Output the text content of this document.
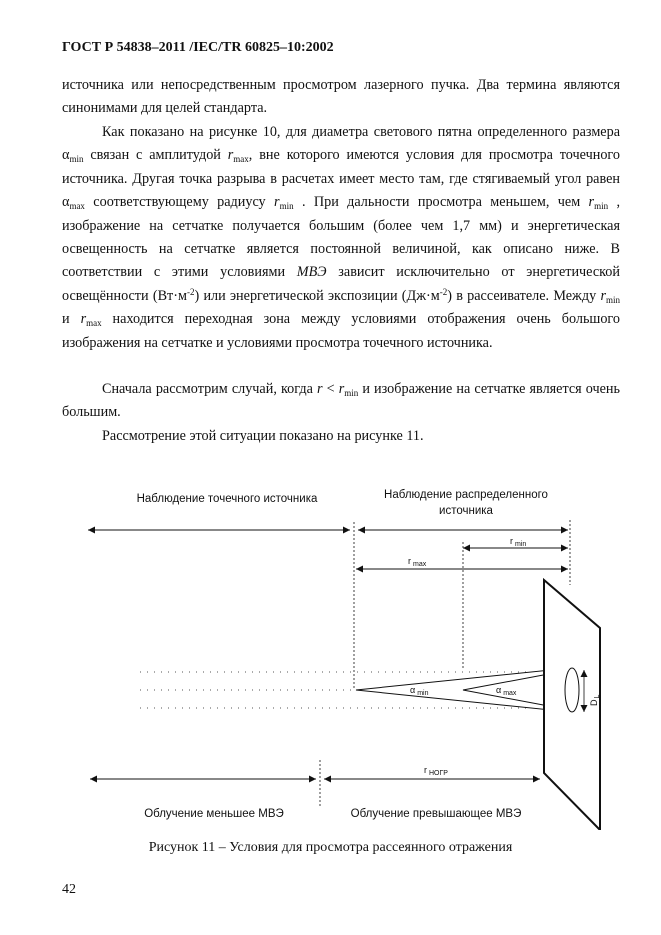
ГОСТ Р 54838–2011 /IEC/TR 60825–10:2002
источника или непосредственным просмотром лазерного пучка. Два термина являются синонимами для целей стандарта.
Как показано на рисунке 10, для диаметра светового пятна определенного размера $\alpha_{min}$ связан с амплитудой $r_{max}$, вне которого имеются условия для просмотра точечного источника. Другая точка разрыва в расчетах имеет место там, где стягиваемый угол равен $\alpha_{max}$ соответствующему радиусу $r_{min}$ . При дальности просмотра меньшем, чем $r_{min}$ , изображение на сетчатке получается большим (более чем 1,7 мм) и энергетическая освещенность на сетчатке является постоянной величиной, как описано ниже. В соответствии с этими условиями МВЭ зависит исключительно от энергетической освещённости $(Вт\cdot м^{-2})$ или энергетической экспозиции $(Дж\cdot м^{-2})$ в рассеивателе. Между $r_{min}$ и $r_{max}$ находится переходная зона между условиями отображения очень большого изображения на сетчатке и условиями просмотра точечного источника.
Сначала рассмотрим случай, когда $r < r_{min}$ и изображение на сетчатке является очень большим.
Рассмотрение этой ситуации показано на рисунке 11.
Наблюдение точечного источника	Наблюдение распределенного
источника
r $_{min}$
r $_{max}$
α $_{min}$	α $_{max}$
$D_L$
r $_{НОГР}$
Облучение меньшее МВЭ	Облучение превышающее МВЭ
Рисунок 11 – Условия для просмотра рассеянного отражения
42
